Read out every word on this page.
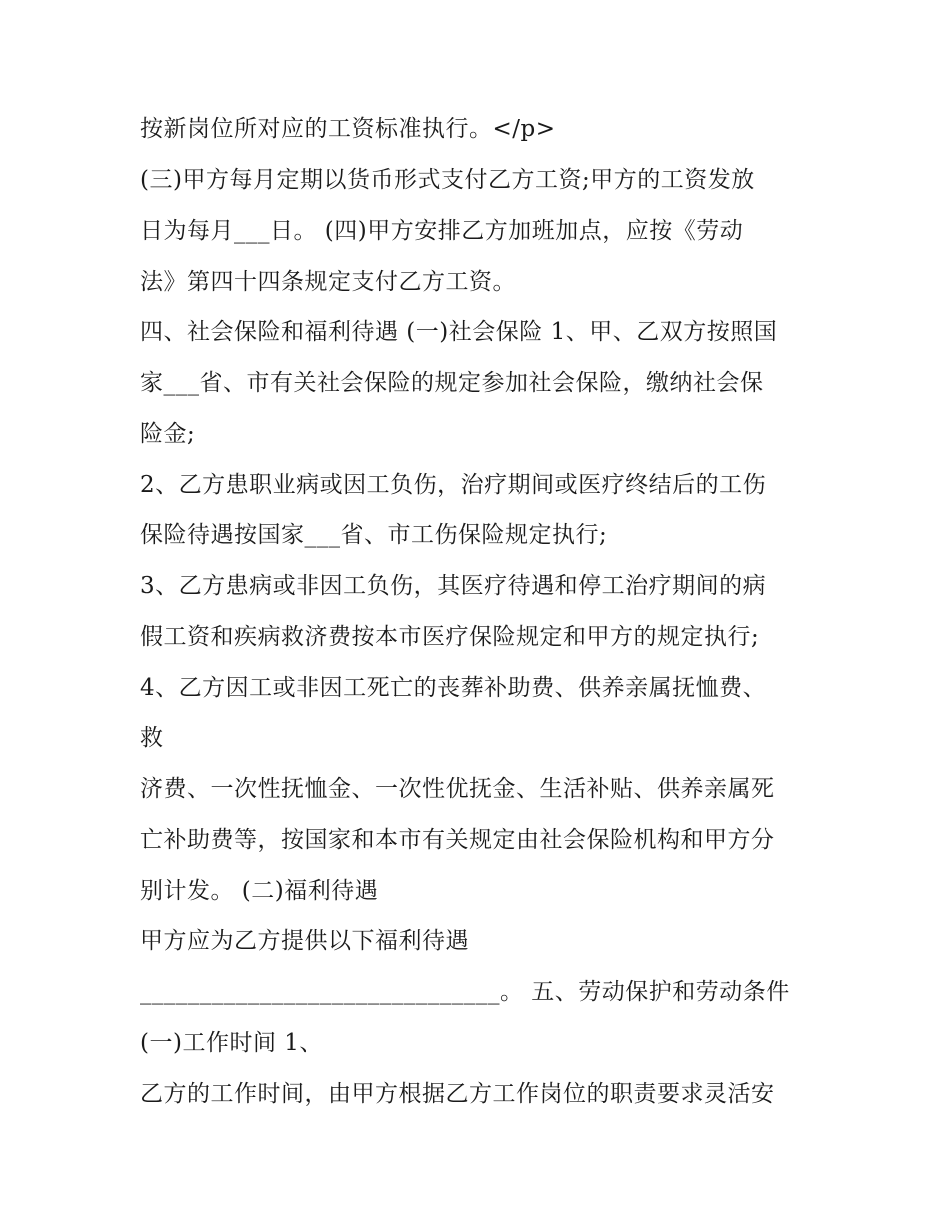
按新岗位所对应的工资标准执行。</p>

(三)甲方每月定期以货币形式支付乙方工资;甲方的工资发放

日为每月___日。 (四)甲方安排乙方加班加点，应按《劳动

法》第四十四条规定支付乙方工资。

四、社会保险和福利待遇 (一)社会保险 1、甲、乙双方按照国

家___省、市有关社会保险的规定参加社会保险，缴纳社会保

险金;

2、乙方患职业病或因工负伤，治疗期间或医疗终结后的工伤

保险待遇按国家___省、市工伤保险规定执行;

3、乙方患病或非因工负伤，其医疗待遇和停工治疗期间的病

假工资和疾病救济费按本市医疗保险规定和甲方的规定执行;

4、乙方因工或非因工死亡的丧葬补助费、供养亲属抚恤费、

救

济费、一次性抚恤金、一次性优抚金、生活补贴、供养亲属死

亡补助费等，按国家和本市有关规定由社会保险机构和甲方分

别计发。 (二)福利待遇

甲方应为乙方提供以下福利待遇

______________________________。 五、劳动保护和劳动条件

(一)工作时间 1、

乙方的工作时间，由甲方根据乙方工作岗位的职责要求灵活安
